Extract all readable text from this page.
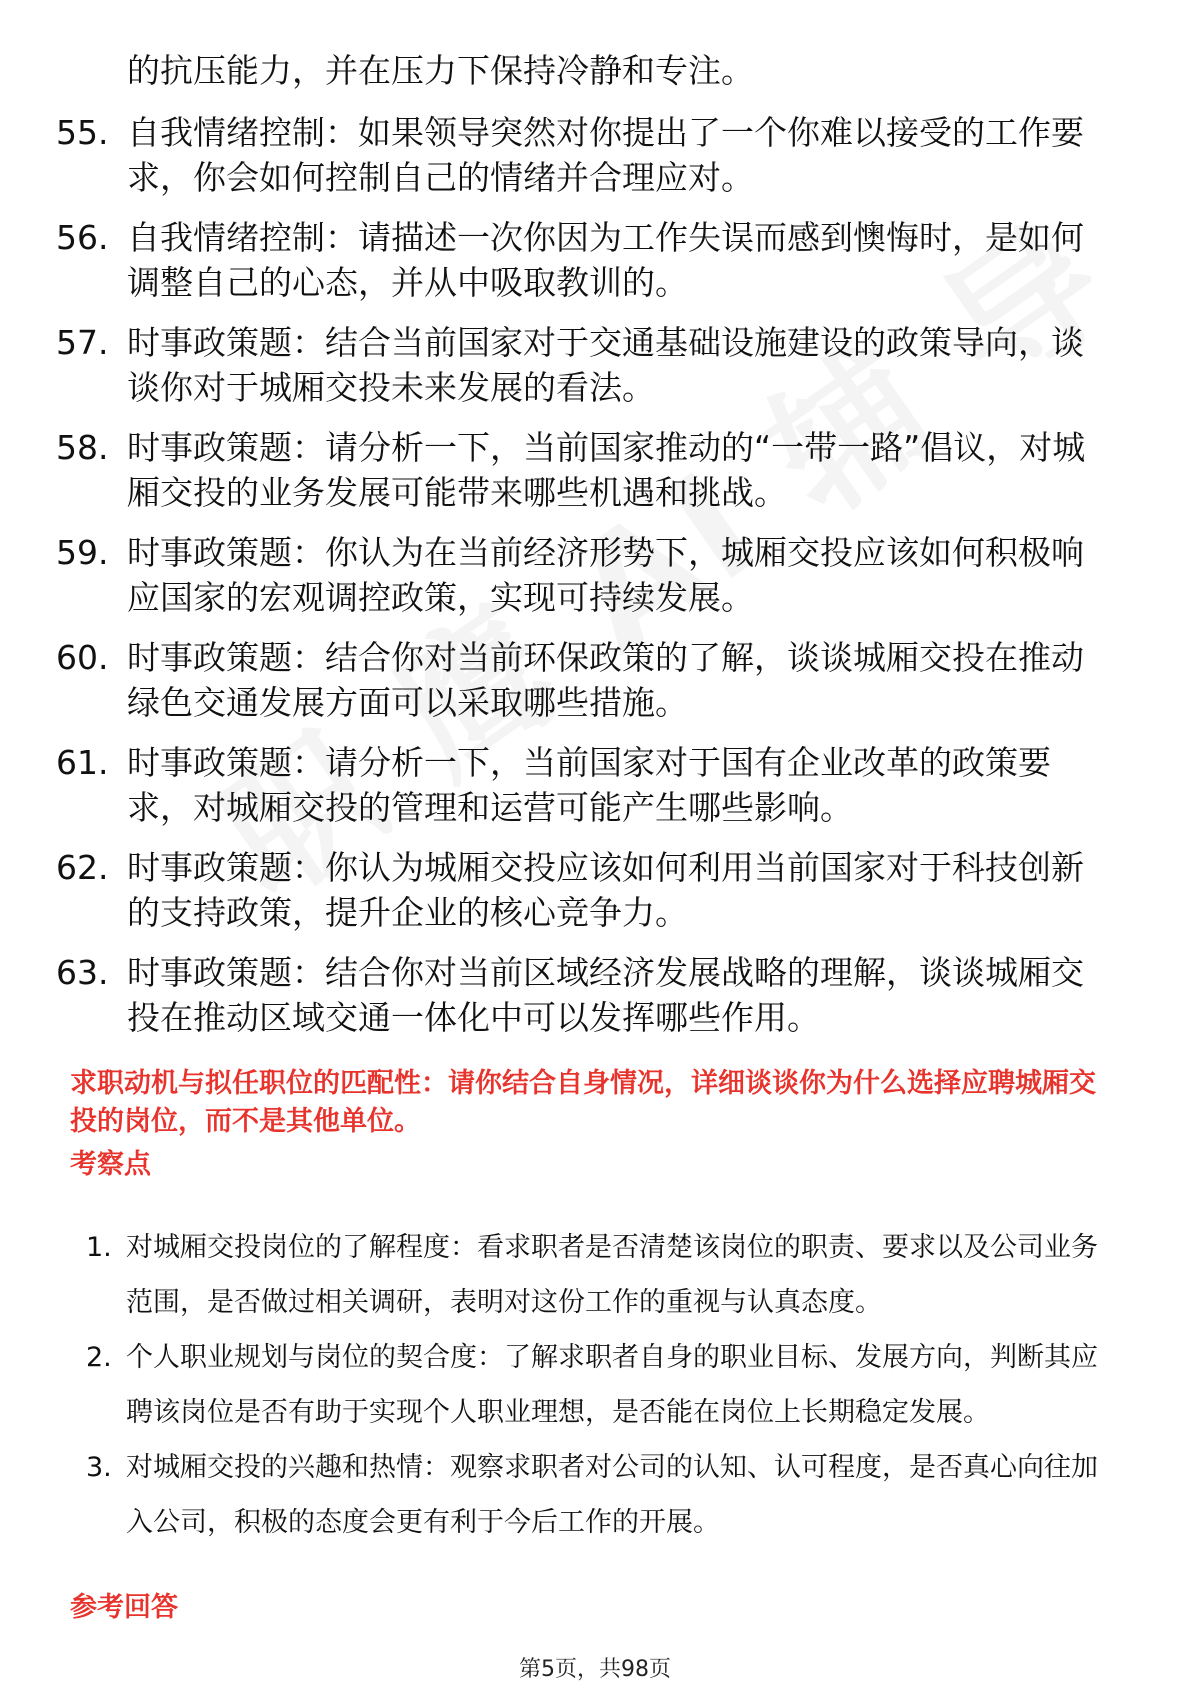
的抗压能力，并在压力下保持冷静和专注。
55. 自我情绪控制：如果领导突然对你提出了一个你难以接受的工作要求，你会如何控制自己的情绪并合理应对。
56. 自我情绪控制：请描述一次你因为工作失误而感到懊悔时，是如何调整自己的心态，并从中吸取教训的。
57. 时事政策题：结合当前国家对于交通基础设施建设的政策导向，谈谈你对于城厢交投未来发展的看法。
58. 时事政策题：请分析一下，当前国家推动的“一带一路”倡议，对城厢交投的业务发展可能带来哪些机遇和挑战。
59. 时事政策题：你认为在当前经济形势下，城厢交投应该如何积极响应国家的宏观调控政策，实现可持续发展。
60. 时事政策题：结合你对当前环保政策的了解，谈谈城厢交投在推动绿色交通发展方面可以采取哪些措施。
61. 时事政策题：请分析一下，当前国家对于国有企业改革的政策要求，对城厢交投的管理和运营可能产生哪些影响。
62. 时事政策题：你认为城厢交投应该如何利用当前国家对于科技创新的支持政策，提升企业的核心竞争力。
63. 时事政策题：结合你对当前区域经济发展战略的理解，谈谈城厢交投在推动区域交通一体化中可以发挥哪些作用。
求职动机与拟任职位的匹配性：请你结合自身情况，详细谈谈你为什么选择应聘城厢交投的岗位，而不是其他单位。
考察点
1. 对城厢交投岗位的了解程度：看求职者是否清楚该岗位的职责、要求以及公司业务范围，是否做过相关调研，表明对这份工作的重视与认真态度。
2. 个人职业规划与岗位的契合度：了解求职者自身的职业目标、发展方向，判断其应聘该岗位是否有助于实现个人职业理想，是否能在岗位上长期稳定发展。
3. 对城厢交投的兴趣和热情：观察求职者对公司的认知、认可程度，是否真心向往加入公司，积极的态度会更有利于今后工作的开展。
参考回答
第5页，共98页
